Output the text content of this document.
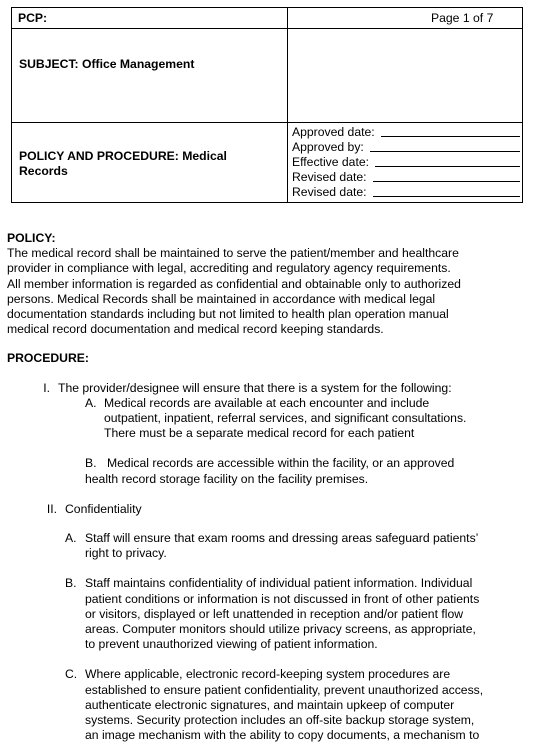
PCP:	Page 1 of 7
SUBJECT: Office Management
POLICY AND PROCEDURE: Medical
Records
Approved date:
Approved by:
Effective date:
Revised date:
Revised date:

POLICY:

The medical record shall be maintained to serve the patient/member and healthcare
provider in compliance with legal, accrediting and regulatory agency requirements.
All member information is regarded as confidential and obtainable only to authorized
persons. Medical Records shall be maintained in accordance with medical legal
documentation standards including but not limited to health plan operation manual
medical record documentation and medical record keeping standards.

PROCEDURE:

I. The provider/designee will ensure that there is a system for the following:
A. Medical records are available at each encounter and include
outpatient, inpatient, referral services, and significant consultations.
There must be a separate medical record for each patient
B. Medical records are accessible within the facility, or an approved
health record storage facility on the facility premises.
II. Confidentiality
A. Staff will ensure that exam rooms and dressing areas safeguard patients’
right to privacy.
B. Staff maintains confidentiality of individual patient information. Individual
patient conditions or information is not discussed in front of other patients
or visitors, displayed or left unattended in reception and/or patient flow
areas. Computer monitors should utilize privacy screens, as appropriate,
to prevent unauthorized viewing of patient information.
C. Where applicable, electronic record-keeping system procedures are
established to ensure patient confidentiality, prevent unauthorized access,
authenticate electronic signatures, and maintain upkeep of computer
systems. Security protection includes an off-site backup storage system,
an image mechanism with the ability to copy documents, a mechanism to
